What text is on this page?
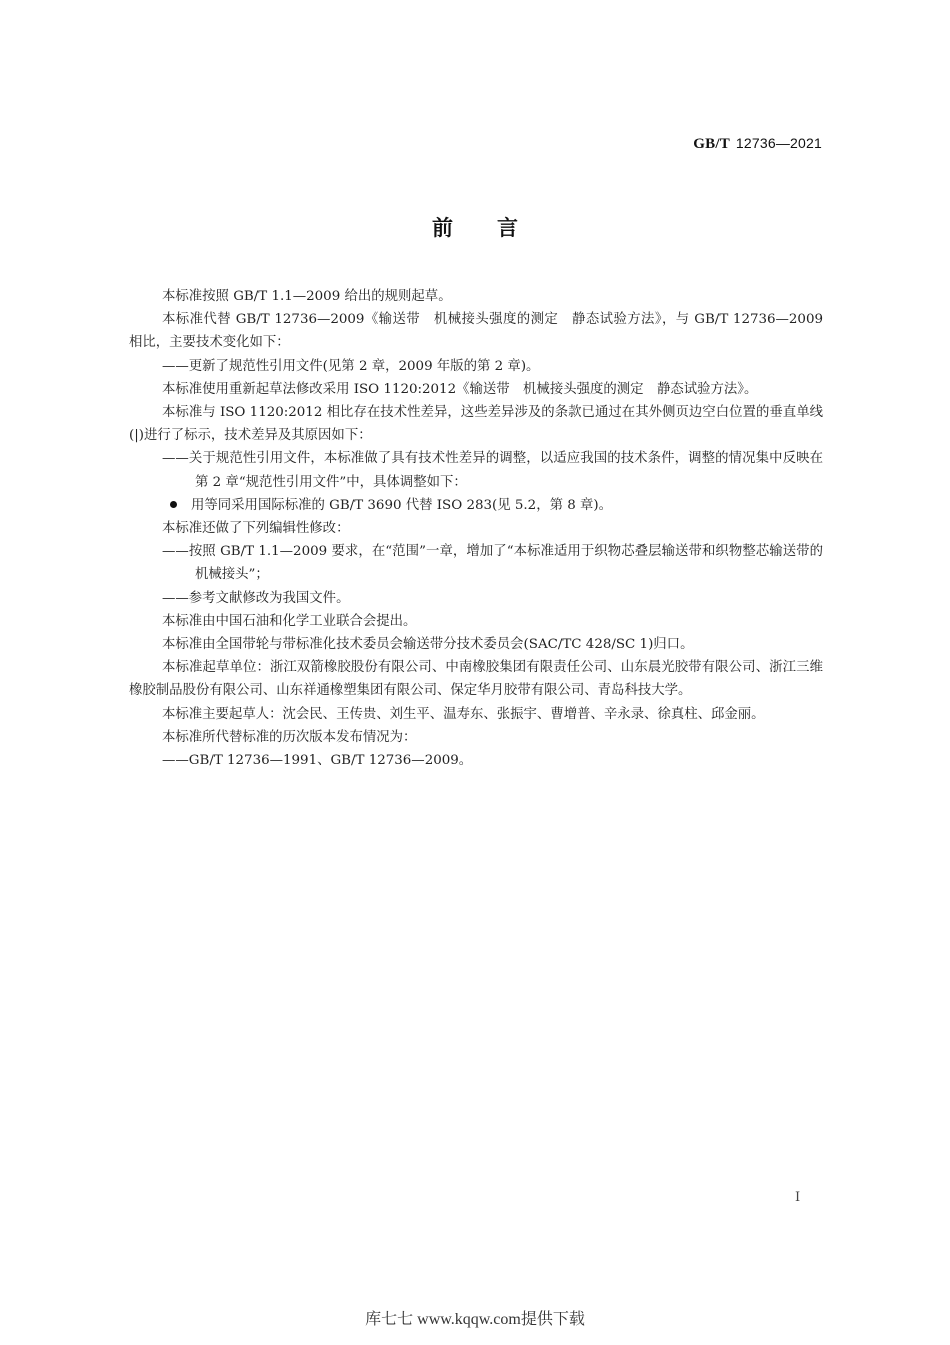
GB/T 12736—2021
前 言

本标准按照 GB/T 1.1—2009 给出的规则起草。

本标准代替 GB/T 12736—2009《输送带　机械接头强度的测定　静态试验方法》，与 GB/T 12736—2009 相比，主要技术变化如下：

——更新了规范性引用文件(见第 2 章，2009 年版的第 2 章)。

本标准使用重新起草法修改采用 ISO 1120:2012《输送带　机械接头强度的测定　静态试验方法》。

本标准与 ISO 1120:2012 相比存在技术性差异，这些差异涉及的条款已通过在其外侧页边空白位置的垂直单线(|)进行了标示，技术差异及其原因如下：

——关于规范性引用文件，本标准做了具有技术性差异的调整，以适应我国的技术条件，调整的情况集中反映在第 2 章“规范性引用文件”中，具体调整如下：

用等同采用国际标准的 GB/T 3690 代替 ISO 283(见 5.2，第 8 章)。

本标准还做了下列编辑性修改：

——按照 GB/T 1.1—2009 要求，在“范围”一章，增加了“本标准适用于织物芯叠层输送带和织物整芯输送带的机械接头”；

——参考文献修改为我国文件。

本标准由中国石油和化学工业联合会提出。

本标准由全国带轮与带标准化技术委员会输送带分技术委员会(SAC/TC 428/SC 1)归口。

本标准起草单位：浙江双箭橡胶股份有限公司、中南橡胶集团有限责任公司、山东晨光胶带有限公司、浙江三维橡胶制品股份有限公司、山东祥通橡塑集团有限公司、保定华月胶带有限公司、青岛科技大学。

本标准主要起草人：沈会民、王传贵、刘生平、温寿东、张振宇、曹增普、辛永录、徐真柱、邱金丽。

本标准所代替标准的历次版本发布情况为：

——GB/T 12736—1991、GB/T 12736—2009。

I
库七七 www.kqqw.com提供下载
